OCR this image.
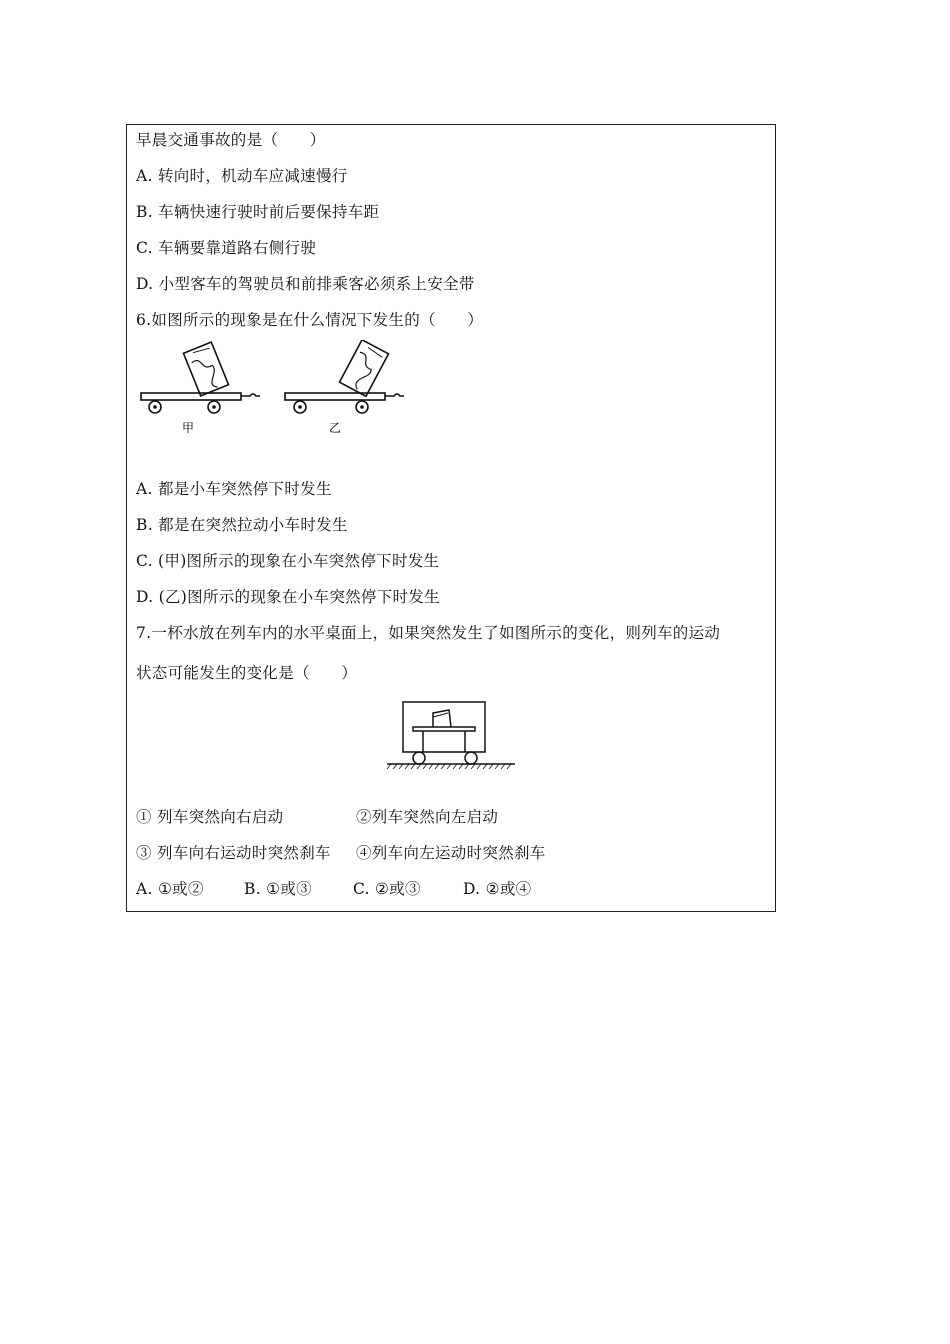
早晨交通事故的是（　　）
A. 转向时，机动车应减速慢行
B. 车辆快速行驶时前后要保持车距
C. 车辆要靠道路右侧行驶
D. 小型客车的驾驶员和前排乘客必须系上安全带
6.如图所示的现象是在什么情况下发生的（　　）
甲	乙
A. 都是小车突然停下时发生
B. 都是在突然拉动小车时发生
C. (甲)图所示的现象在小车突然停下时发生
D. (乙)图所示的现象在小车突然停下时发生
7.一杯水放在列车内的水平桌面上，如果突然发生了如图所示的变化，则列车的运动
状态可能发生的变化是（　　）
① 列车突然向右启动	②列车突然向左启动
③ 列车向右运动时突然刹车 ④列车向左运动时突然刹车
A. ①或②	B. ①或③	C. ②或③	D. ②或④
